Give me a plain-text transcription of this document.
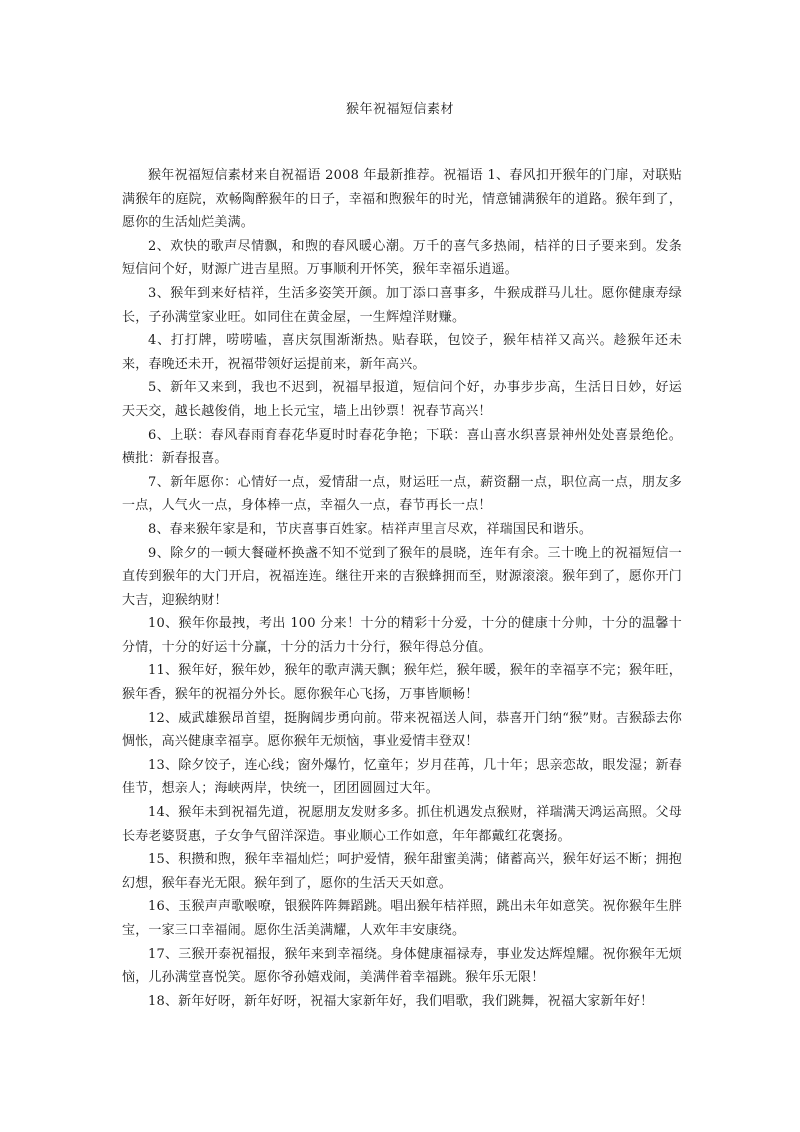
猴年祝福短信素材

猴年祝福短信素材来自祝福语 2008 年最新推荐。祝福语 1、春风扣开猴年的门扉，对联贴满猴年的庭院，欢畅陶醉猴年的日子，幸福和煦猴年的时光，情意铺满猴年的道路。猴年到了，愿你的生活灿烂美满。

2、欢快的歌声尽情飘，和煦的春风暖心潮。万千的喜气多热闹，桔祥的日子要来到。发条短信问个好，财源广进吉星照。万事顺利开怀笑，猴年幸福乐逍遥。

3、猴年到来好桔祥，生活多姿笑开颜。加丁添口喜事多，牛猴成群马儿壮。愿你健康寿绿长，子孙满堂家业旺。如同住在黄金屋，一生辉煌洋财赚。

4、打打牌，唠唠嗑，喜庆氛围渐渐热。贴春联，包饺子，猴年桔祥又高兴。趁猴年还未来，春晚还未开，祝福带领好运提前来，新年高兴。

5、新年又来到，我也不迟到，祝福早报道，短信问个好，办事步步高，生活日日妙，好运天天交，越长越俊俏，地上长元宝，墙上出钞票！祝春节高兴！

6、上联：春风春雨育春花华夏时时春花争艳；下联：喜山喜水织喜景神州处处喜景绝伦。横批：新春报喜。

7、新年愿你：心情好一点，爱情甜一点，财运旺一点，薪资翻一点，职位高一点，朋友多一点，人气火一点，身体棒一点，幸福久一点，春节再长一点！

8、春来猴年家是和，节庆喜事百姓家。桔祥声里言尽欢，祥瑞国民和谐乐。

9、除夕的一顿大餐碰杯换盏不知不觉到了猴年的晨晓，连年有余。三十晚上的祝福短信一直传到猴年的大门开启，祝福连连。继往开来的吉猴蜂拥而至，财源滚滚。猴年到了，愿你开门大吉，迎猴纳财！

10、猴年你最拽，考出 100 分来！十分的精彩十分爱，十分的健康十分帅，十分的温馨十分情，十分的好运十分赢，十分的活力十分行，猴年得总分值。

11、猴年好，猴年妙，猴年的歌声满天飘；猴年烂，猴年暖，猴年的幸福享不完；猴年旺，猴年香，猴年的祝福分外长。愿你猴年心飞扬，万事皆顺畅！

12、威武雄猴昂首望，挺胸阔步勇向前。带来祝福送人间，恭喜开门纳“猴”财。吉猴舔去你惆怅，高兴健康幸福享。愿你猴年无烦恼，事业爱情丰登双！

13、除夕饺子，连心线；窗外爆竹，忆童年；岁月荏苒，几十年；思亲恋故，眼发湿；新春佳节，想亲人；海峡两岸，快统一，团团圆圆过大年。

14、猴年未到祝福先道，祝愿朋友发财多多。抓住机遇发点猴财，祥瑞满天鸿运高照。父母长寿老婆贤惠，子女争气留洋深造。事业顺心工作如意，年年都戴红花褒扬。

15、积攒和煦，猴年幸福灿烂；呵护爱情，猴年甜蜜美满；储蓄高兴，猴年好运不断；拥抱幻想，猴年春光无限。猴年到了，愿你的生活天天如意。

16、玉猴声声歌喉嘹，银猴阵阵舞蹈跳。唱出猴年桔祥照，跳出未年如意笑。祝你猴年生胖宝，一家三口幸福闹。愿你生活美满耀，人欢年丰安康绕。

17、三猴开泰祝福报，猴年来到幸福绕。身体健康福禄寿，事业发达辉煌耀。祝你猴年无烦恼，儿孙满堂喜悦笑。愿你爷孙嬉戏闹，美满伴着幸福跳。猴年乐无限！

18、新年好呀，新年好呀，祝福大家新年好，我们唱歌，我们跳舞，祝福大家新年好！
